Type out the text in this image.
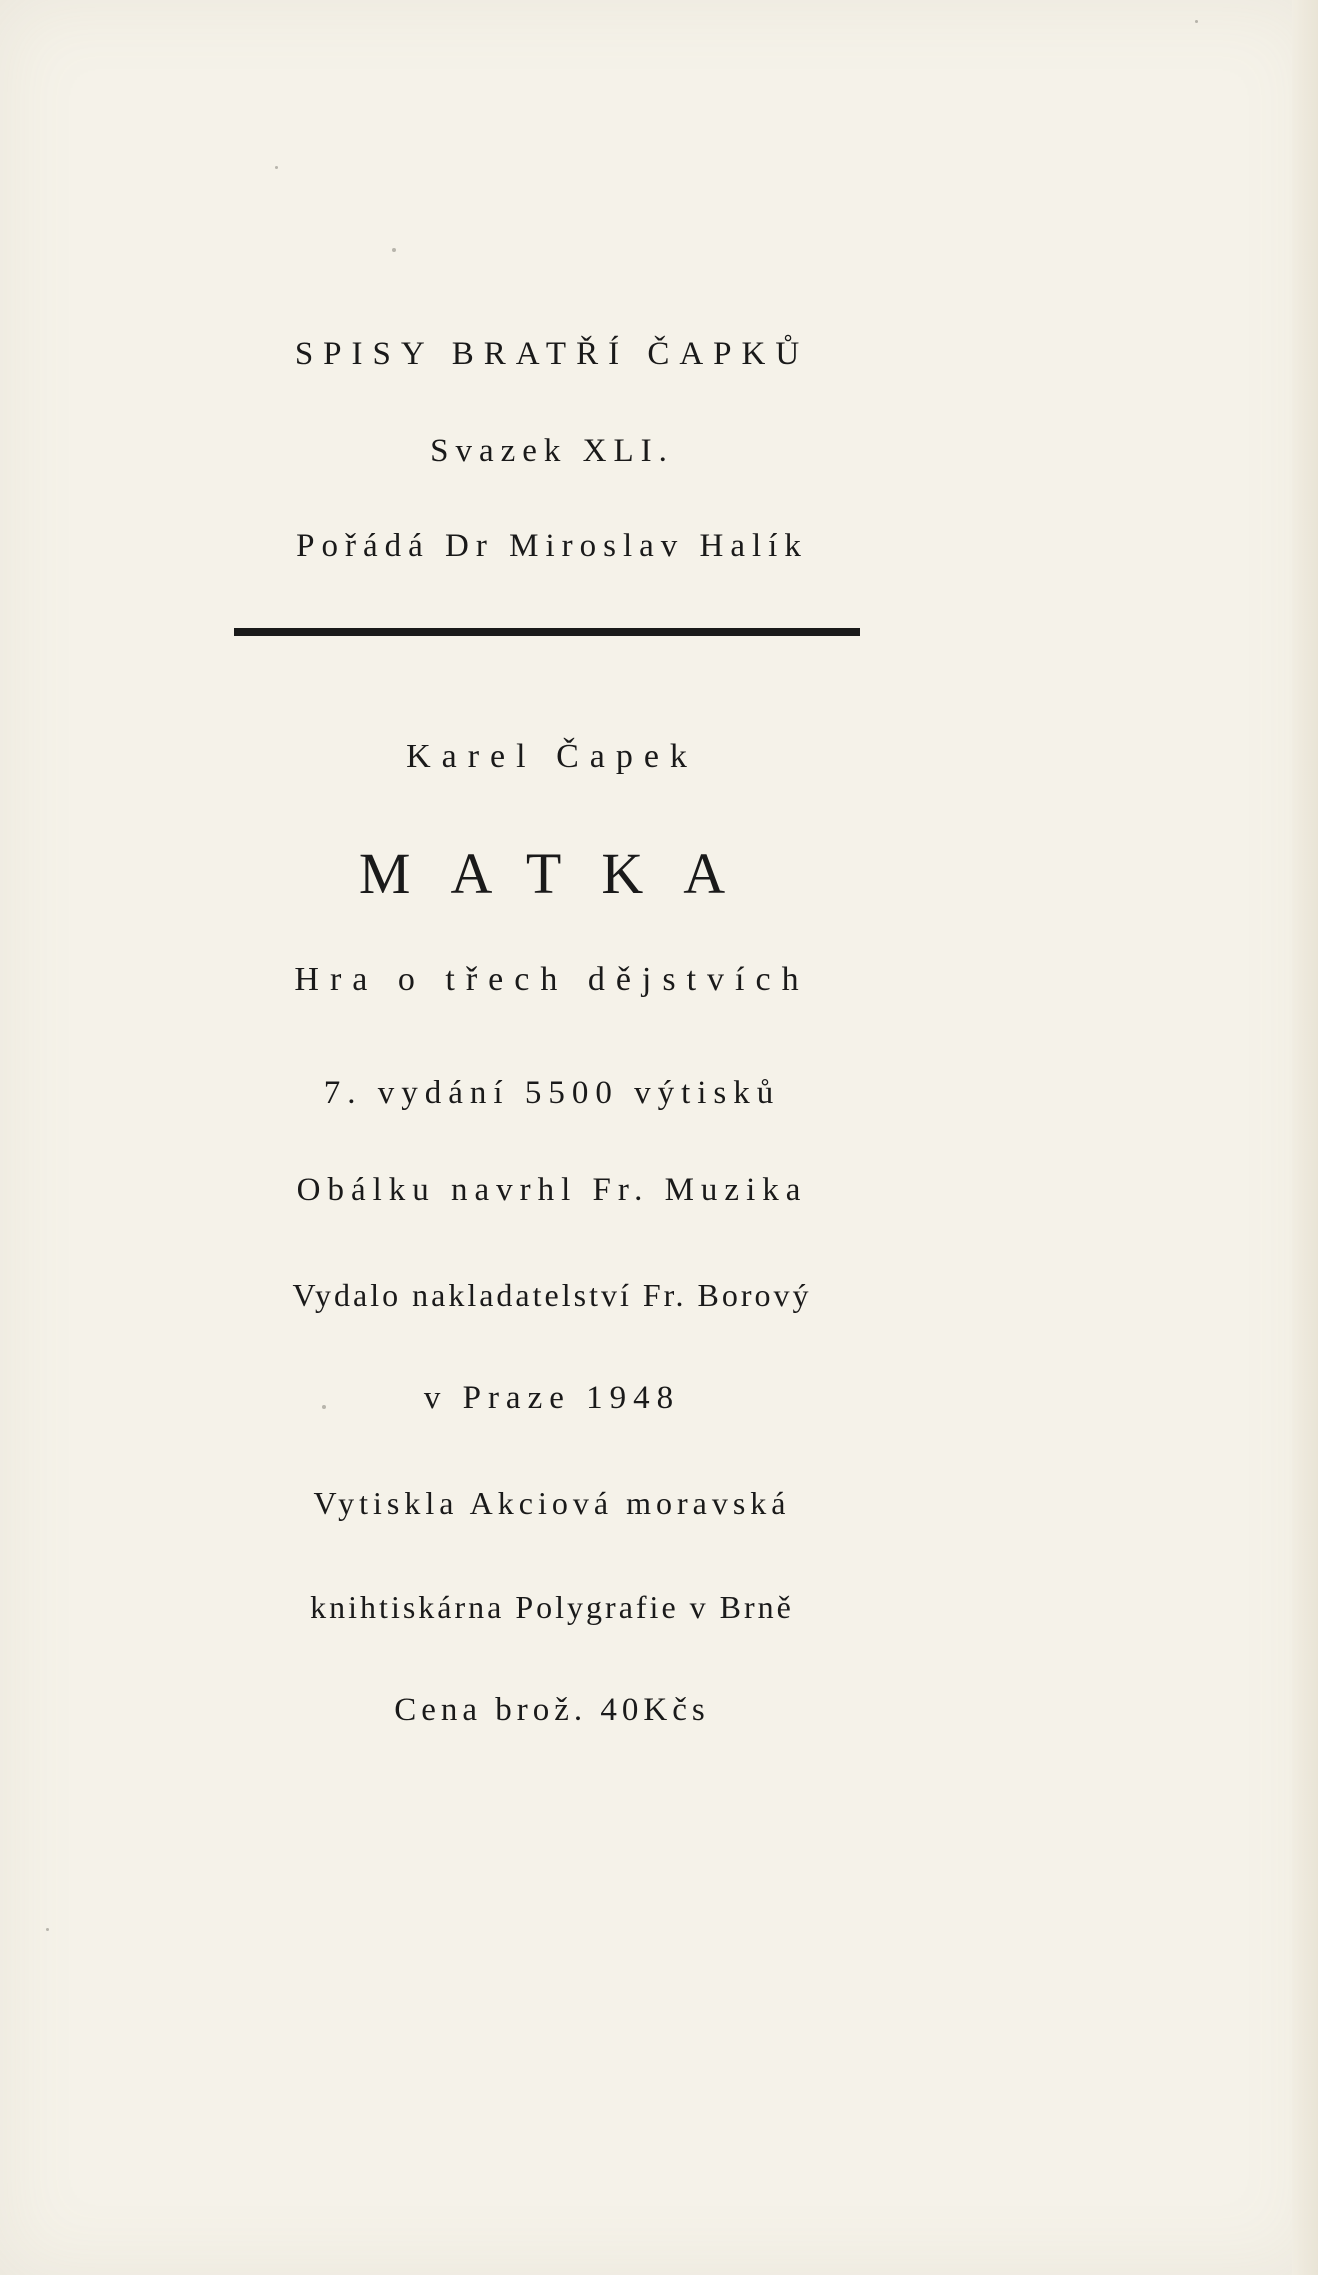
SPISY BRATŘÍ ČAPKŮ
Svazek XLI.
Pořádá Dr Miroslav Halík
Karel Čapek
MATKA
Hra o třech dějstvích
7. vydání 5500 výtisků
Obálku navrhl Fr. Muzika
Vydalo nakladatelství Fr. Borový
v Praze 1948
Vytiskla Akciová moravská
knihtiskárna Polygrafie v Brně
Cena brož. 40Kčs
